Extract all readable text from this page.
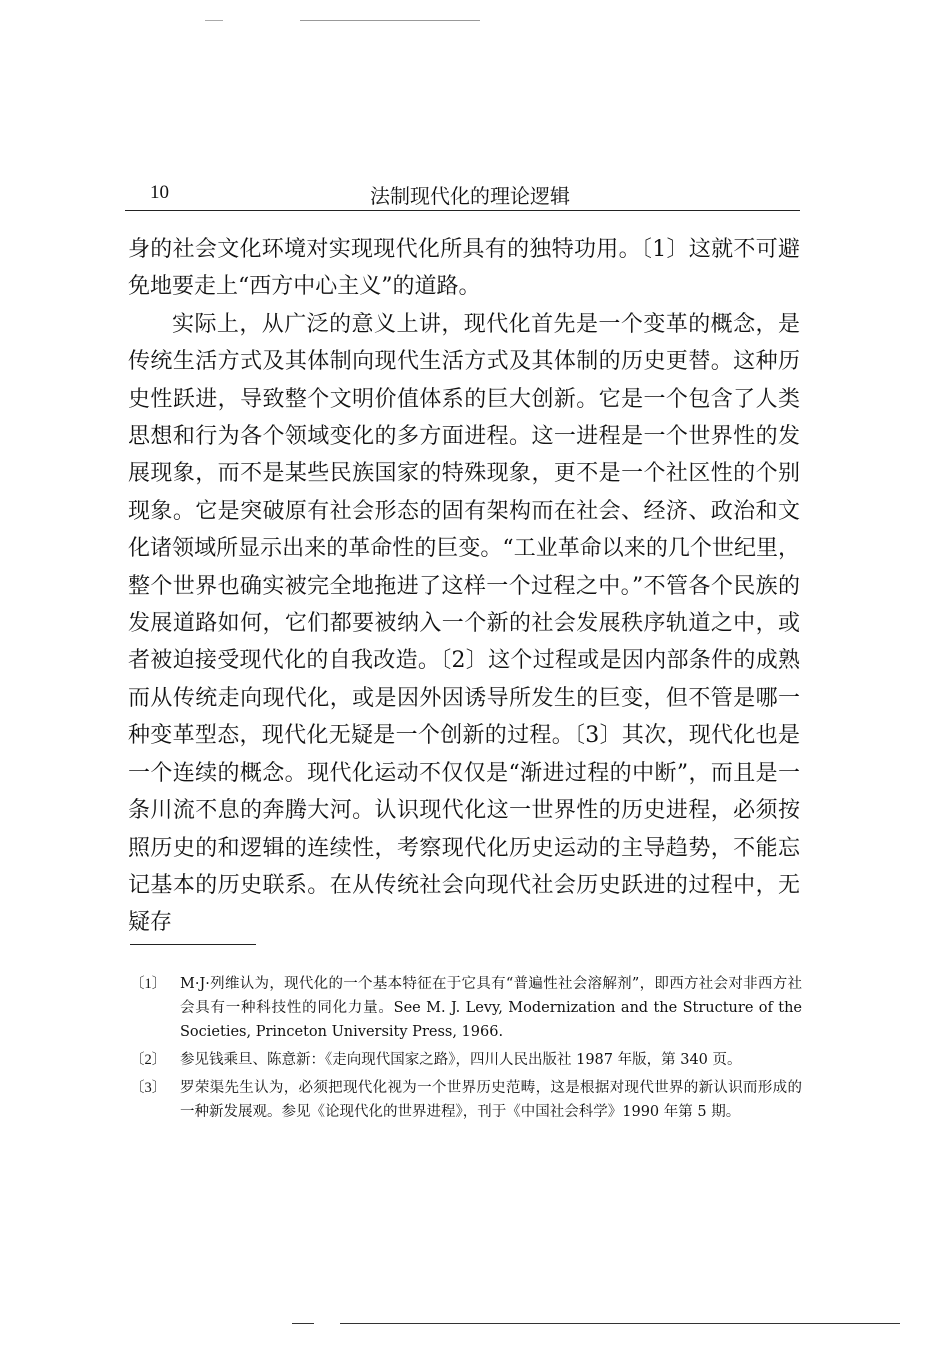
10	法制现代化的理论逻辑

身的社会文化环境对实现现代化所具有的独特功用。〔1〕这就不可避免地要走上“西方中心主义”的道路。

实际上，从广泛的意义上讲，现代化首先是一个变革的概念，是传统生活方式及其体制向现代生活方式及其体制的历史更替。这种历史性跃进，导致整个文明价值体系的巨大创新。它是一个包含了人类思想和行为各个领域变化的多方面进程。这一进程是一个世界性的发展现象，而不是某些民族国家的特殊现象，更不是一个社区性的个别现象。它是突破原有社会形态的固有架构而在社会、经济、政治和文化诸领域所显示出来的革命性的巨变。“工业革命以来的几个世纪里，整个世界也确实被完全地拖进了这样一个过程之中。”不管各个民族的发展道路如何，它们都要被纳入一个新的社会发展秩序轨道之中，或者被迫接受现代化的自我改造。〔2〕这个过程或是因内部条件的成熟而从传统走向现代化，或是因外因诱导所发生的巨变，但不管是哪一种变革型态，现代化无疑是一个创新的过程。〔3〕其次，现代化也是一个连续的概念。现代化运动不仅仅是“渐进过程的中断”，而且是一条川流不息的奔腾大河。认识现代化这一世界性的历史进程，必须按照历史的和逻辑的连续性，考察现代化历史运动的主导趋势，不能忘记基本的历史联系。在从传统社会向现代社会历史跃进的过程中，无疑存

〔1〕 M·J·列维认为，现代化的一个基本特征在于它具有“普遍性社会溶解剂”，即西方社会对非西方社会具有一种科技性的同化力量。See M. J. Levy, Modernization and the Structure of the Societies, Princeton University Press, 1966.
〔2〕 参见钱乘旦、陈意新：《走向现代国家之路》，四川人民出版社 1987 年版，第 340 页。
〔3〕 罗荣渠先生认为，必须把现代化视为一个世界历史范畴，这是根据对现代世界的新认识而形成的一种新发展观。参见《论现代化的世界进程》，刊于《中国社会科学》1990 年第 5 期。
